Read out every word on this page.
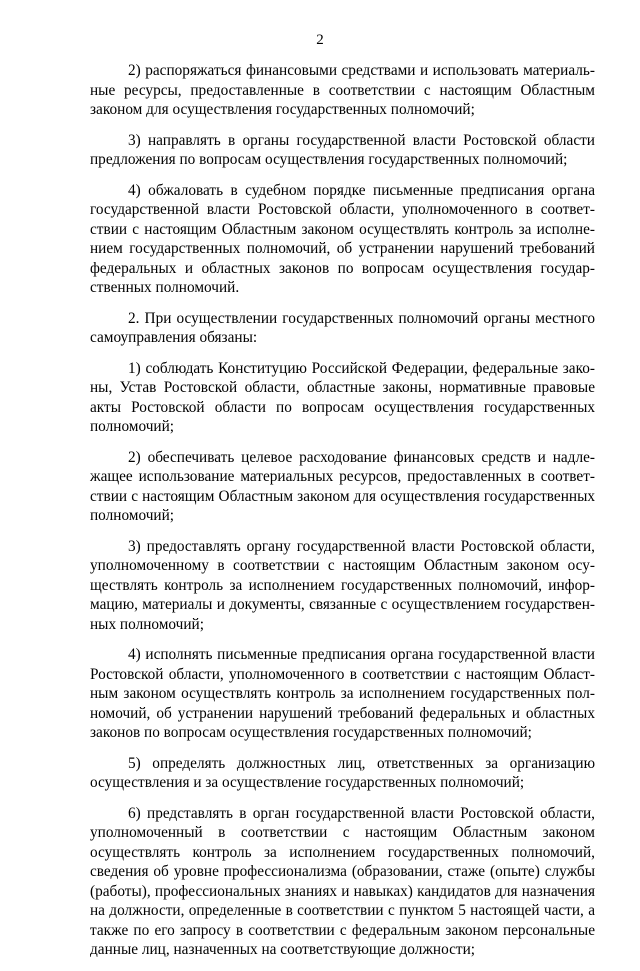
2

2) распоряжаться финансовыми средствами и использовать материальные ресурсы, предоставленные в соответствии с настоящим Областным законом для осуществления государственных полномочий;

3) направлять в органы государственной власти Ростовской области предложения по вопросам осуществления государственных полномочий;

4) обжаловать в судебном порядке письменные предписания органа государственной власти Ростовской области, уполномоченного в соответствии с настоящим Областным законом осуществлять контроль за исполнением государственных полномочий, об устранении нарушений требований федеральных и областных законов по вопросам осуществления государственных полномочий.

2. При осуществлении государственных полномочий органы местного самоуправления обязаны:

1) соблюдать Конституцию Российской Федерации, федеральные законы, Устав Ростовской области, областные законы, нормативные правовые акты Ростовской области по вопросам осуществления государственных полномочий;

2) обеспечивать целевое расходование финансовых средств и надлежащее использование материальных ресурсов, предоставленных в соответствии с настоящим Областным законом для осуществления государственных полномочий;

3) предоставлять органу государственной власти Ростовской области, уполномоченному в соответствии с настоящим Областным законом осуществлять контроль за исполнением государственных полномочий, информацию, материалы и документы, связанные с осуществлением государственных полномочий;

4) исполнять письменные предписания органа государственной власти Ростовской области, уполномоченного в соответствии с настоящим Областным законом осуществлять контроль за исполнением государственных полномочий, об устранении нарушений требований федеральных и областных законов по вопросам осуществления государственных полномочий;

5) определять должностных лиц, ответственных за организацию осуществления и за осуществление государственных полномочий;

6) представлять в орган государственной власти Ростовской области, уполномоченный в соответствии с настоящим Областным законом осуществлять контроль за исполнением государственных полномочий, сведения об уровне профессионализма (образовании, стаже (опыте) службы (работы), профессиональных знаниях и навыках) кандидатов для назначения на должности, определенные в соответствии с пунктом 5 настоящей части, а также по его запросу в соответствии с федеральным законом персональные данные лиц, назначенных на соответствующие должности;
